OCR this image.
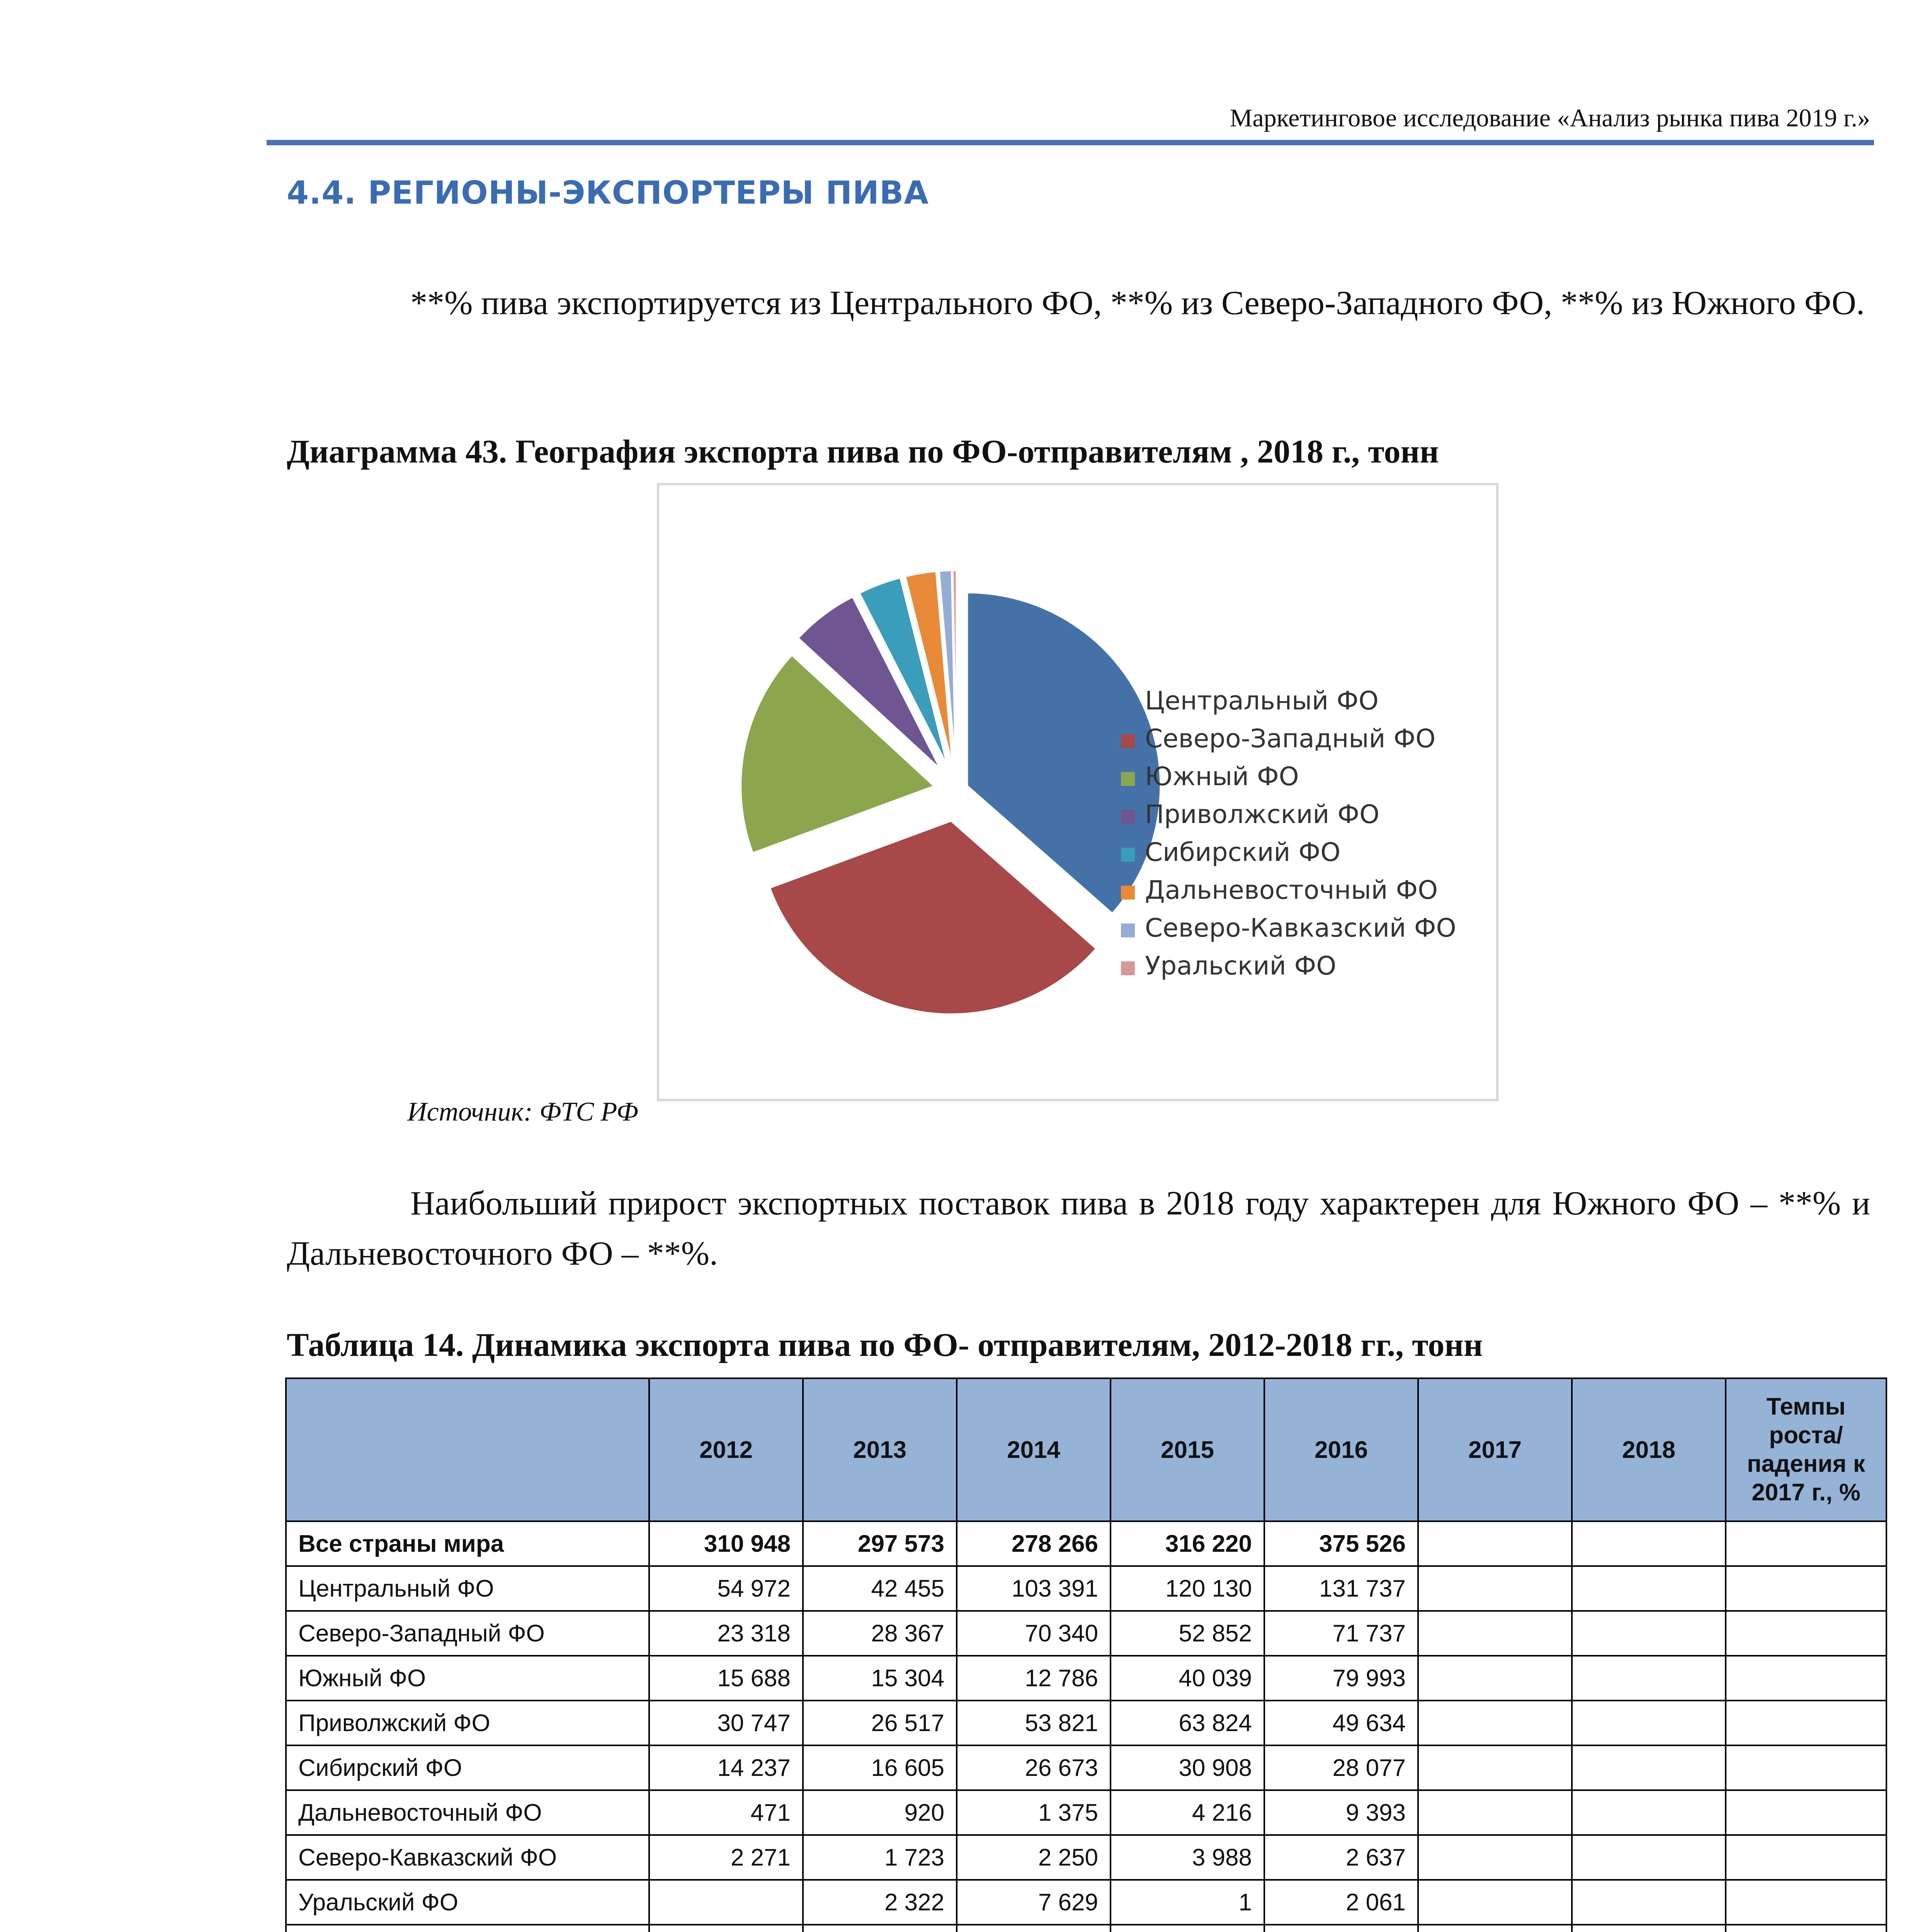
Маркетинговое исследование «Анализ рынка пива 2019 г.»
4.4. РЕГИОНЫ-ЭКСПОРТЕРЫ ПИВА
**% пива экспортируется из Центрального ФО, **% из Северо-Западного ФО, **% из Южного ФО.
Диаграмма 43. География экспорта пива по ФО-отправителям , 2018 г., тонн
Центральный ФО
Северо-Западный ФО
Южный ФО
Приволжский ФО
Сибирский ФО
Дальневосточный ФО
Северо-Кавказский ФО
Уральский ФО
Источник: ФТС РФ
Наибольший прирост экспортных поставок пива в 2018 году характерен для Южного ФО – **% и Дальневосточного ФО – **%.
Таблица 14. Динамика экспорта пива по ФО- отправителям, 2012-2018 гг., тонн
	2012	2013	2014	2015	2016	2017	2018	Темпы роста/ падения к 2017 г., %
Все страны мира	310 948	297 573	278 266	316 220	375 526			
Центральный ФО	54 972	42 455	103 391	120 130	131 737			
Северо-Западный ФО	23 318	28 367	70 340	52 852	71 737			
Южный ФО	15 688	15 304	12 786	40 039	79 993			
Приволжский ФО	30 747	26 517	53 821	63 824	49 634			
Сибирский ФО	14 237	16 605	26 673	30 908	28 077			
Дальневосточный ФО	471	920	1 375	4 216	9 393			
Северо-Кавказский ФО	2 271	1 723	2 250	3 988	2 637			
Уральский ФО		2 322	7 629	1	2 061			
